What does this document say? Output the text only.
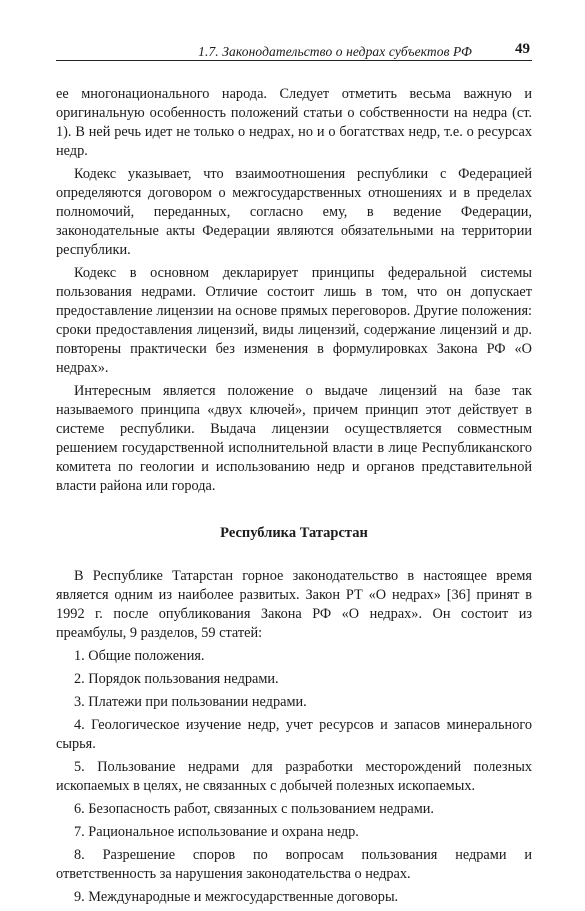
1.7. Законодательство о недрах субъектов РФ	49

ее многонационального народа. Следует отметить весьма важную и оригинальную особенность положений статьи о собственности на недра (ст. 1). В ней речь идет не только о недрах, но и о богатствах недр, т.е. о ресурсах недр.

Кодекс указывает, что взаимоотношения республики с Федерацией определяются договором о межгосударственных отношениях и в пределах полномочий, переданных, согласно ему, в ведение Федерации, законодательные акты Федерации являются обязательными на территории республики.

Кодекс в основном декларирует принципы федеральной системы пользования недрами. Отличие состоит лишь в том, что он допускает предоставление лицензии на основе прямых переговоров. Другие положения: сроки предоставления лицензий, виды лицензий, содержание лицензий и др. повторены практически без изменения в формулировках Закона РФ «О недрах».

Интересным является положение о выдаче лицензий на базе так называемого принципа «двух ключей», причем принцип этот действует в системе республики. Выдача лицензии осуществляется совместным решением государственной исполнительной власти в лице Республиканского комитета по геологии и использованию недр и органов представительной власти района или города.

Республика Татарстан

В Республике Татарстан горное законодательство в настоящее время является одним из наиболее развитых. Закон РТ «О недрах» [36] принят в 1992 г. после опубликования Закона РФ «О недрах». Он состоит из преамбулы, 9 разделов, 59 статей:

1. Общие положения.
2. Порядок пользования недрами.
3. Платежи при пользовании недрами.
4. Геологическое изучение недр, учет ресурсов и запасов минерального сырья.
5. Пользование недрами для разработки месторождений полезных ископаемых в целях, не связанных с добычей полезных ископаемых.
6. Безопасность работ, связанных с пользованием недрами.
7. Рациональное использование и охрана недр.
8. Разрешение споров по вопросам пользования недрами и ответственность за нарушения законодательства о недрах.
9. Международные и межгосударственные договоры.
